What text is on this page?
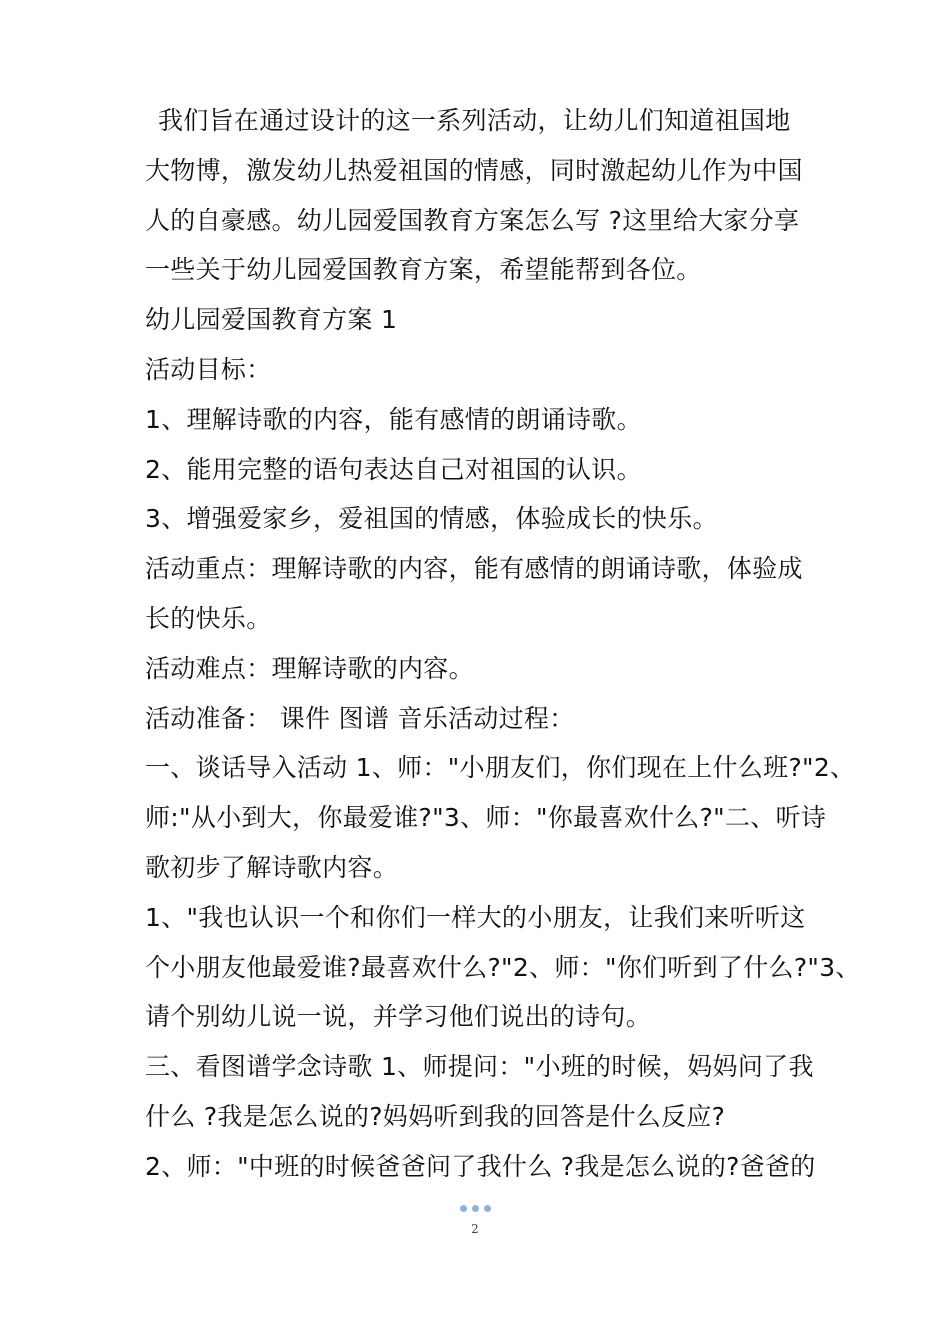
我们旨在通过设计的这一系列活动，让幼儿们知道祖国地
大物博，激发幼儿热爱祖国的情感，同时激起幼儿作为中国
人的自豪感。幼儿园爱国教育方案怎么写 ?这里给大家分享
一些关于幼儿园爱国教育方案，希望能帮到各位。
幼儿园爱国教育方案 1
活动目标：
1、理解诗歌的内容，能有感情的朗诵诗歌。
2、能用完整的语句表达自己对祖国的认识。
3、增强爱家乡，爱祖国的情感，体验成长的快乐。
活动重点：理解诗歌的内容，能有感情的朗诵诗歌，体验成
长的快乐。
活动难点：理解诗歌的内容。
活动准备： 课件 图谱 音乐活动过程：
一、谈话导入活动 1、师："小朋友们，你们现在上什么班?"2、
师:"从小到大，你最爱谁?"3、师："你最喜欢什么?"二、听诗
歌初步了解诗歌内容。
1、"我也认识一个和你们一样大的小朋友，让我们来听听这
个小朋友他最爱谁?最喜欢什么?"2、师："你们听到了什么?"3、
请个别幼儿说一说，并学习他们说出的诗句。
三、看图谱学念诗歌 1、师提问："小班的时候，妈妈问了我
什么 ?我是怎么说的?妈妈听到我的回答是什么反应?
2、师："中班的时候爸爸问了我什么 ?我是怎么说的?爸爸的
2
